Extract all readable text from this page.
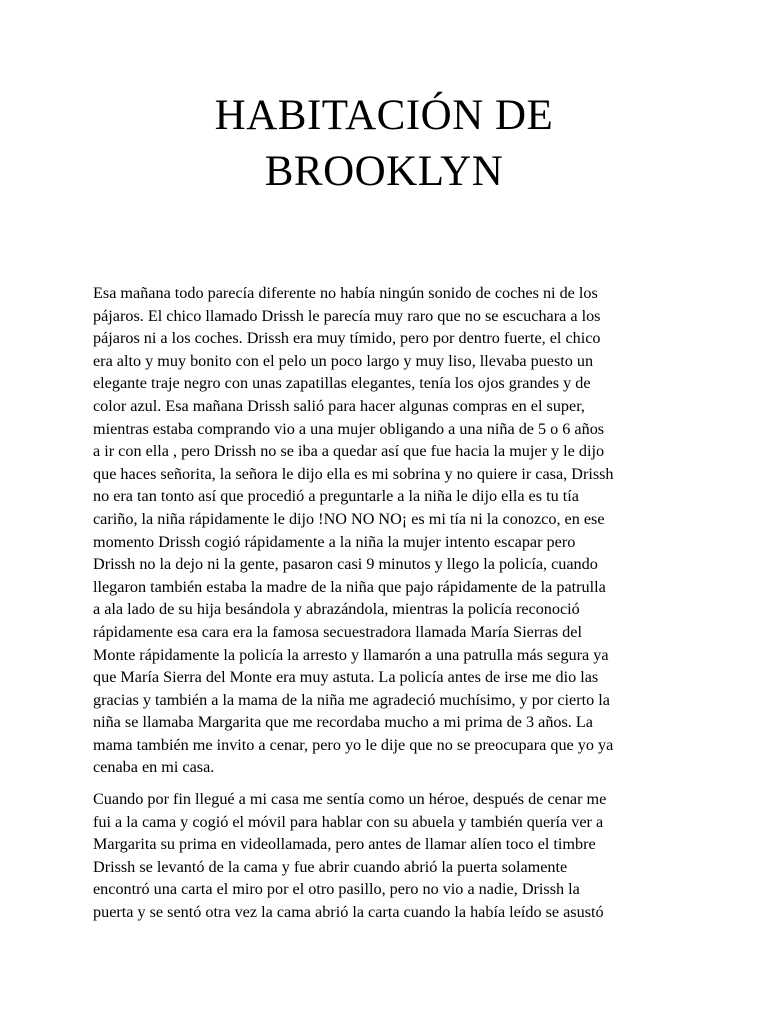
HABITACIÓN DE
BROOKLYN

Esa mañana todo parecía diferente no había ningún sonido de coches ni de los
pájaros. El chico llamado Drissh le parecía muy raro que no se escuchara a los
pájaros ni a los coches. Drissh era muy tímido, pero por dentro fuerte, el chico
era alto y muy bonito con el pelo un poco largo y muy liso, llevaba puesto un
elegante traje negro con unas zapatillas elegantes, tenía los ojos grandes y de
color azul. Esa mañana Drissh salió para hacer algunas compras en el super,
mientras estaba comprando vio a una mujer obligando a una niña de 5 o 6 años
a ir con ella , pero Drissh no se iba a quedar así que fue hacia la mujer y le dijo
que haces señorita, la señora le dijo ella es mi sobrina y no quiere ir casa, Drissh
no era tan tonto así que procedió a preguntarle a la niña le dijo ella es tu tía
cariño, la niña rápidamente le dijo !NO NO NO¡ es mi tía ni la conozco, en ese
momento Drissh cogió rápidamente a la niña la mujer intento escapar pero
Drissh no la dejo ni la gente, pasaron casi 9 minutos y llego la policía, cuando
llegaron también estaba la madre de la niña que pajo rápidamente de la patrulla
a ala lado de su hija besándola y abrazándola, mientras la policía reconoció
rápidamente esa cara era la famosa secuestradora llamada María Sierras del
Monte rápidamente la policía la arresto y llamarón a una patrulla más segura ya
que María Sierra del Monte era muy astuta. La policía antes de irse me dio las
gracias y también a la mama de la niña me agradeció muchísimo, y por cierto la
niña se llamaba Margarita que me recordaba mucho a mi prima de 3 años. La
mama también me invito a cenar, pero yo le dije que no se preocupara que yo ya
cenaba en mi casa.

Cuando por fin llegué a mi casa me sentía como un héroe, después de cenar me
fui a la cama y cogió el móvil para hablar con su abuela y también quería ver a
Margarita su prima en videollamada, pero antes de llamar alíen toco el timbre
Drissh se levantó de la cama y fue abrir cuando abrió la puerta solamente
encontró una carta el miro por el otro pasillo, pero no vio a nadie, Drissh la
puerta y se sentó otra vez la cama abrió la carta cuando la había leído se asustó
